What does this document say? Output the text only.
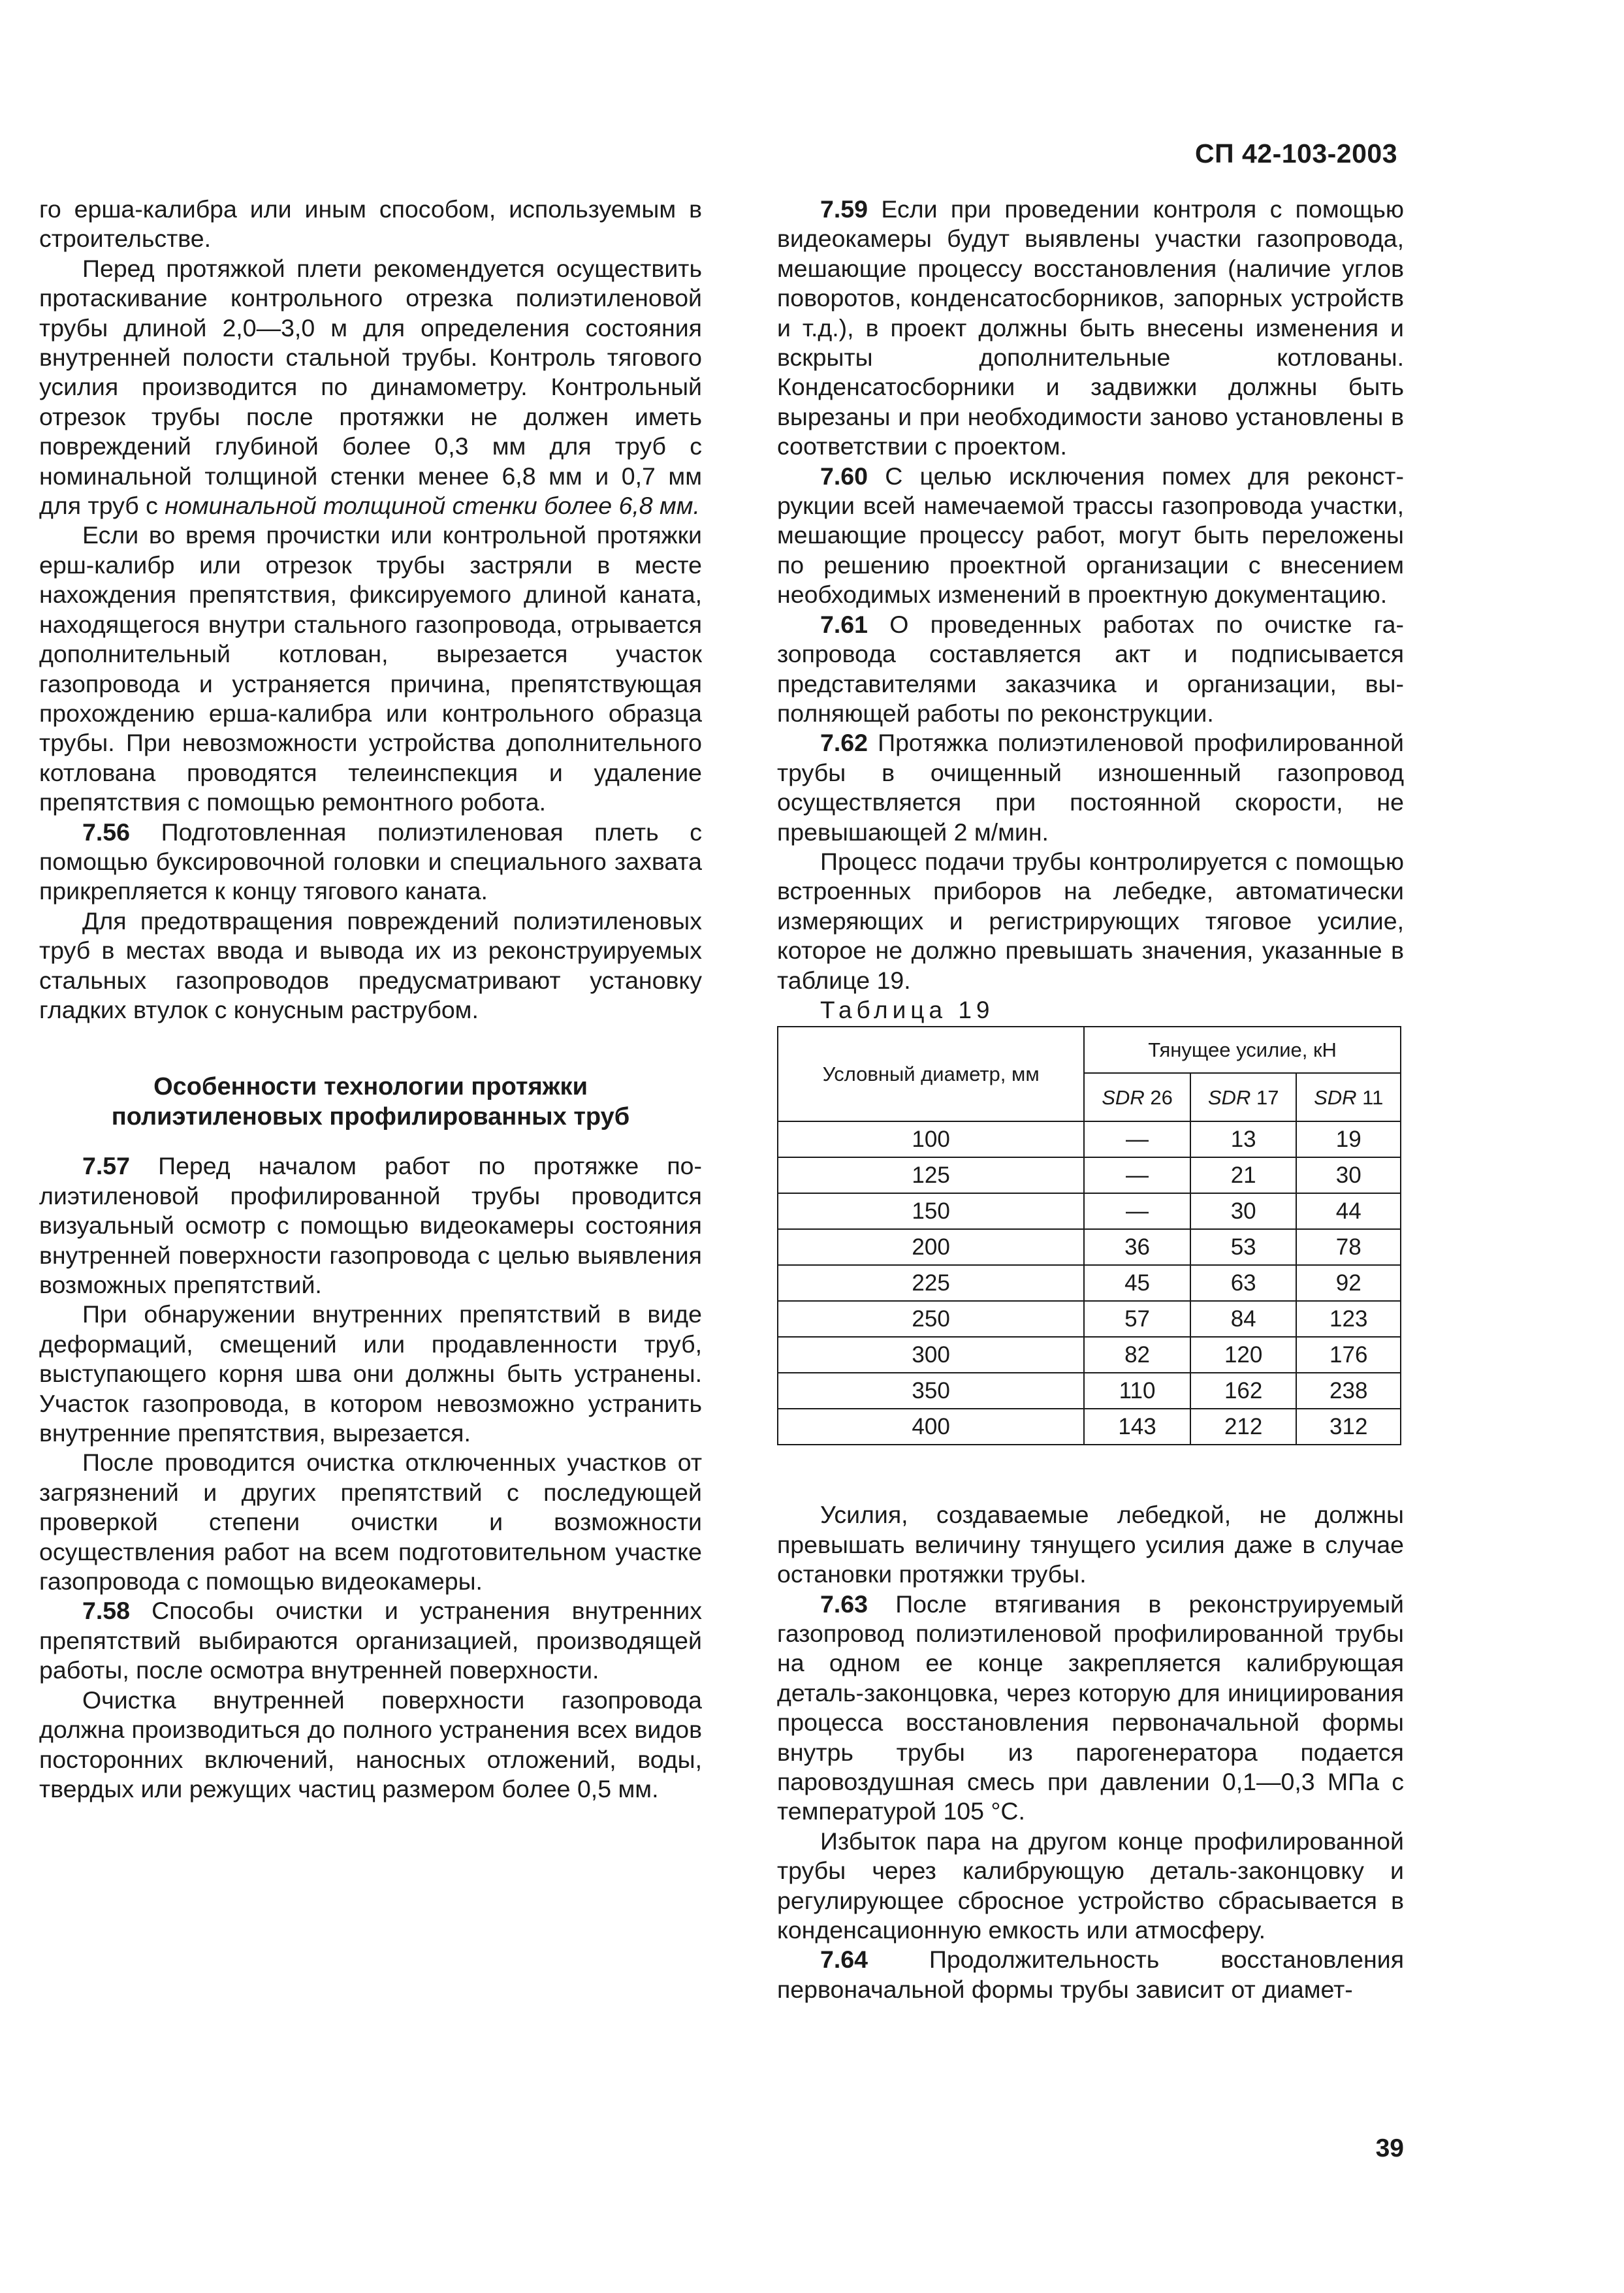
СП 42-103-2003

го ерша-калибра или иным способом, используемым в строительстве.

Перед протяжкой плети рекомендуется осуществить протаскивание контрольного отрезка полиэтиленовой трубы длиной 2,0—3,0 м для определения состояния внутренней полости стальной трубы. Контроль тягового усилия производится по динамометру. Контрольный отрезок трубы после протяжки не должен иметь повреждений глубиной более 0,3 мм для труб с номинальной толщиной стенки менее 6,8 мм и 0,7 мм для труб с номинальной толщиной стенки более 6,8 мм.

Если во время прочистки или контрольной протяжки ерш-калибр или отрезок трубы застряли в месте нахождения препятствия, фиксируемого длиной каната, находящегося внутри стального газопровода, отрывается дополнительный котлован, вырезается участок газопровода и устраняется причина, препятствующая прохождению ерша-калибра или контрольного образца трубы. При невозможности устройства дополнительного котлована проводятся телеинспекция и удаление препятствия с помощью ремонтного робота.

7.56 Подготовленная полиэтиленовая плеть с помощью буксировочной головки и специального захвата прикрепляется к концу тягового каната.

Для предотвращения повреждений полиэтиленовых труб в местах ввода и вывода их из реконструируемых стальных газопроводов предусматривают установку гладких втулок с конусным раструбом.

Особенности технологии протяжки
полиэтиленовых профилированных труб

7.57 Перед началом работ по протяжке полиэтиленовой профилированной трубы проводится визуальный осмотр с помощью видеокамеры состояния внутренней поверхности газопровода с целью выявления возможных препятствий.

При обнаружении внутренних препятствий в виде деформаций, смещений или продавленности труб, выступающего корня шва они должны быть устранены. Участок газопровода, в котором невозможно устранить внутренние препятствия, вырезается.

После проводится очистка отключенных участков от загрязнений и других препятствий с последующей проверкой степени очистки и возможности осуществления работ на всем подготовительном участке газопровода с помощью видеокамеры.

7.58 Способы очистки и устранения внутренних препятствий выбираются организацией, производящей работы, после осмотра внутренней поверхности.

Очистка внутренней поверхности газопровода должна производиться до полного устранения всех видов посторонних включений, наносных отложений, воды, твердых или режущих частиц размером более 0,5 мм.

7.59 Если при проведении контроля с помощью видеокамеры будут выявлены участки газопровода, мешающие процессу восстановления (наличие углов поворотов, конденсатосборников, запорных устройств и т.д.), в проект должны быть внесены изменения и вскрыты дополнительные котлованы. Конденсатосборники и задвижки должны быть вырезаны и при необходимости заново установлены в соответствии с проектом.

7.60 С целью исключения помех для реконструкции всей намечаемой трассы газопровода участки, мешающие процессу работ, могут быть переложены по решению проектной организации с внесением необходимых изменений в проектную документацию.

7.61 О проведенных работах по очистке газопровода составляется акт и подписывается представителями заказчика и организации, выполняющей работы по реконструкции.

7.62 Протяжка полиэтиленовой профилированной трубы в очищенный изношенный газопровод осуществляется при постоянной скорости, не превышающей 2 м/мин.

Процесс подачи трубы контролируется с помощью встроенных приборов на лебедке, автоматически измеряющих и регистрирующих тяговое усилие, которое не должно превышать значения, указанные в таблице 19.

Таблица 19

Условный диаметр, мм	Тянущее усилие, кН		
	SDR 26	SDR 17	SDR 11
100	—	13	19
125	—	21	30
150	—	30	44
200	36	53	78
225	45	63	92
250	57	84	123
300	82	120	176
350	110	162	238
400	143	212	312

Усилия, создаваемые лебедкой, не должны превышать величину тянущего усилия даже в случае остановки протяжки трубы.

7.63 После втягивания в реконструируемый газопровод полиэтиленовой профилированной трубы на одном ее конце закрепляется калибрующая деталь-законцовка, через которую для инициирования процесса восстановления первоначальной формы внутрь трубы из парогенератора подается паровоздушная смесь при давлении 0,1—0,3 МПа с температурой 105 °С.

Избыток пара на другом конце профилированной трубы через калибрующую деталь-законцовку и регулирующее сбросное устройство сбрасывается в конденсационную емкость или атмосферу.

7.64 Продолжительность восстановления первоначальной формы трубы зависит от диамет-

39
